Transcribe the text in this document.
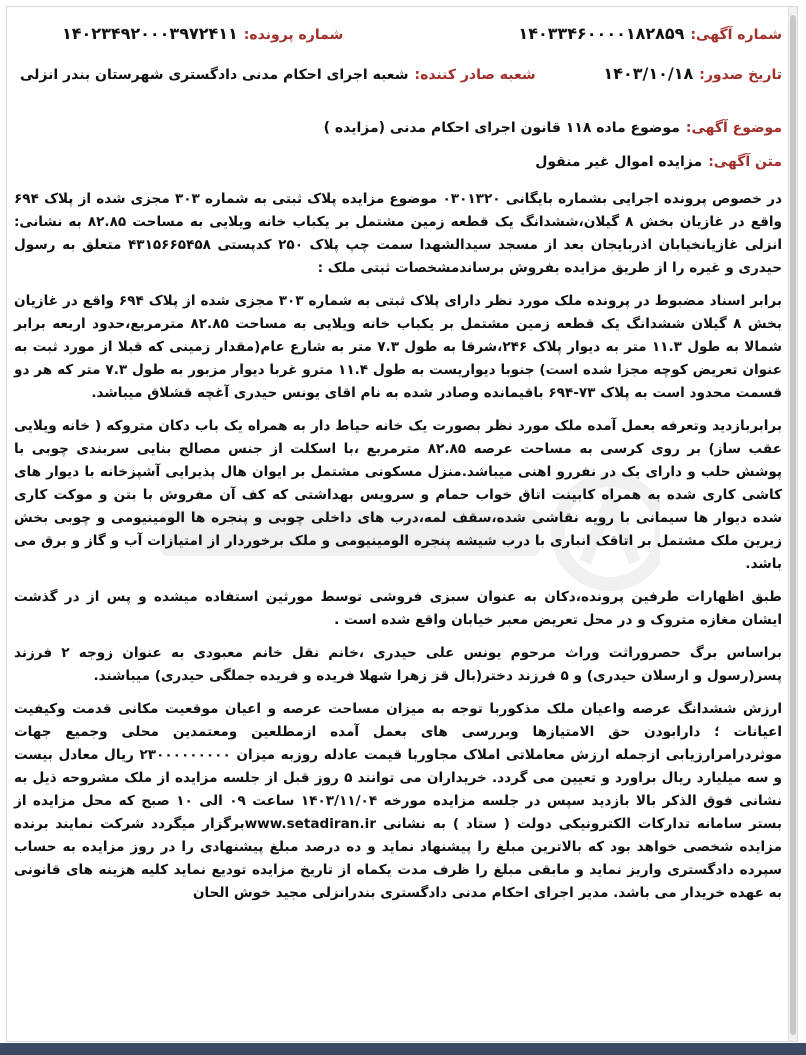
شماره آگهی:
۱۴۰۳۳۴۶۰۰۰۰۱۸۲۸۵۹
شماره پرونده:
۱۴۰۲۳۴۹۲۰۰۰۳۹۷۲۴۱۱
تاریخ صدور:
۱۴۰۳/۱۰/۱۸
شعبه صادر کننده:
شعبه اجرای احکام مدنی دادگستری شهرستان بندر انزلی
موضوع آگهی:
موضوع ماده ۱۱۸ قانون اجرای احکام مدنی (مزایده )
متن آگهی:
مزایده اموال غیر منقول

در خصوص پرونده اجرایی بشماره بایگانی ۰۳۰۱۳۲۰ موضوع مزایده پلاک ثبتی به شماره ۳۰۳ مجزی شده از پلاک ۶۹۴ واقع در غازیان بخش ۸ گیلان،ششدانگ یک قطعه زمین مشتمل بر یکباب خانه ویلایی به مساحت ۸۲.۸۵ به نشانی: انزلی غازیانخیابان اذربایجان بعد از مسجد سیدالشهدا سمت چپ پلاک ۲۵۰ کدپستی ۴۳۱۵۶۶۵۴۵۸ متعلق به رسول حیدری و غیره را از طریق مزایده بفروش برساندمشخصات ثبتی ملک :

برابر اسناد مضبوط در پرونده ملک مورد نظر دارای پلاک ثبتی به شماره ۳۰۳ مجزی شده از پلاک ۶۹۴ واقع در غازیان بخش ۸ گیلان ششدانگ یک قطعه زمین مشتمل بر یکباب خانه ویلایی به مساحت ۸۲.۸۵ مترمربع،حدود اربعه برابر شمالا به طول ۱۱.۳ متر به دیوار پلاک ۲۴۶،شرقا به طول ۷.۳ متر به شارع عام(مقدار زمینی که قبلا از مورد ثبت به عنوان تعریض کوچه مجزا شده است) جنوبا دیواریست به طول ۱۱.۴ مترو غربا دیوار مزبور به طول ۷.۳ متر که هر دو قسمت محدود است به پلاک ۷۳-۶۹۴ باقیمانده وصادر شده به نام اقای یونس حیدری آغچه قشلاق میباشد.

برابربازدید وتعرفه بعمل آمده ملک مورد نظر بصورت یک خانه حیاط دار به همراه یک باب دکان متروکه ( خانه ویلایی عقب ساز) بر روی کرسی به مساحت عرصه ۸۲.۸۵ مترمربع ،با اسکلت از جنس مصالح بنایی سربندی چوبی با پوشش حلب و دارای یک در نفررو اهنی میباشد.منزل مسکونی مشتمل بر ایوان هال پذیرایی آشپزخانه با دیوار های کاشی کاری شده به همراه کابینت اتاق خواب حمام و سرویس بهداشتی که کف آن مفروش با بتن و موکت کاری شده دیوار ها سیمانی با رویه نقاشی شده،سقف لمه،درب های داخلی چوبی و پنجره ها الومینیومی و چوبی بخش زیرین ملک مشتمل بر اتاقک انباری با درب شیشه پنجره الومینیومی و ملک برخوردار از امتیازات آب و گاز و برق می باشد.

طبق اظهارات طرفین پرونده،دکان به عنوان سبزی فروشی توسط مورثین استفاده میشده و پس از در گذشت ایشان مغازه متروک و در محل تعریض معبر خیابان واقع شده است .

براساس برگ حصروراثت وراث مرحوم یونس علی حیدری ،خانم نقل خانم معبودی به عنوان زوجه ۲ فرزند پسر(رسول و ارسلان حیدری) و ۵ فرزند دختر(بال قز زهرا شهلا فریده و فریده جملگی حیدری) میباشند.

ارزش ششدانگ عرصه واعیان ملک مذکوربا توجه به میزان مساحت عرصه و اعیان موقعیت مکانی قدمت وکیفیت اعیانات ؛ دارابودن حق الامتیازها وبررسی های بعمل آمده ازمطلعین ومعتمدین محلی وجمیع جهات موثردرامرارزیابی ازجمله ارزش معاملاتی املاک مجاوربا قیمت عادله روزبه میزان ۲۳۰۰۰۰۰۰۰۰۰ ریال معادل بیست و سه میلیارد ریال براورد و تعیین می گردد. خریداران می توانند ۵ روز قبل از جلسه مزایده از ملک مشروحه ذیل به نشانی فوق الذکر بالا بازدید سپس در جلسه مزایده مورخه ۱۴۰۳/۱۱/۰۴ ساعت ۰۹ الی ۱۰ صبح که محل مزایده از بستر سامانه تدارکات الکترونیکی دولت ( ستاد ) به نشانی www.setadiran.irبرگزار میگردد شرکت نمایند برنده مزایده شخصی خواهد بود که بالاترین مبلغ را پیشنهاد نماید و ده درصد مبلغ پیشنهادی را در روز مزایده به حساب سپرده دادگستری واریز نماید و مابقی مبلغ را ظرف مدت یکماه از تاریخ مزایده تودیع نماید کلیه هزینه های قانونی به عهده خریدار می باشد. مدیر اجرای احکام مدنی دادگستری بندرانزلی مجید خوش الحان
